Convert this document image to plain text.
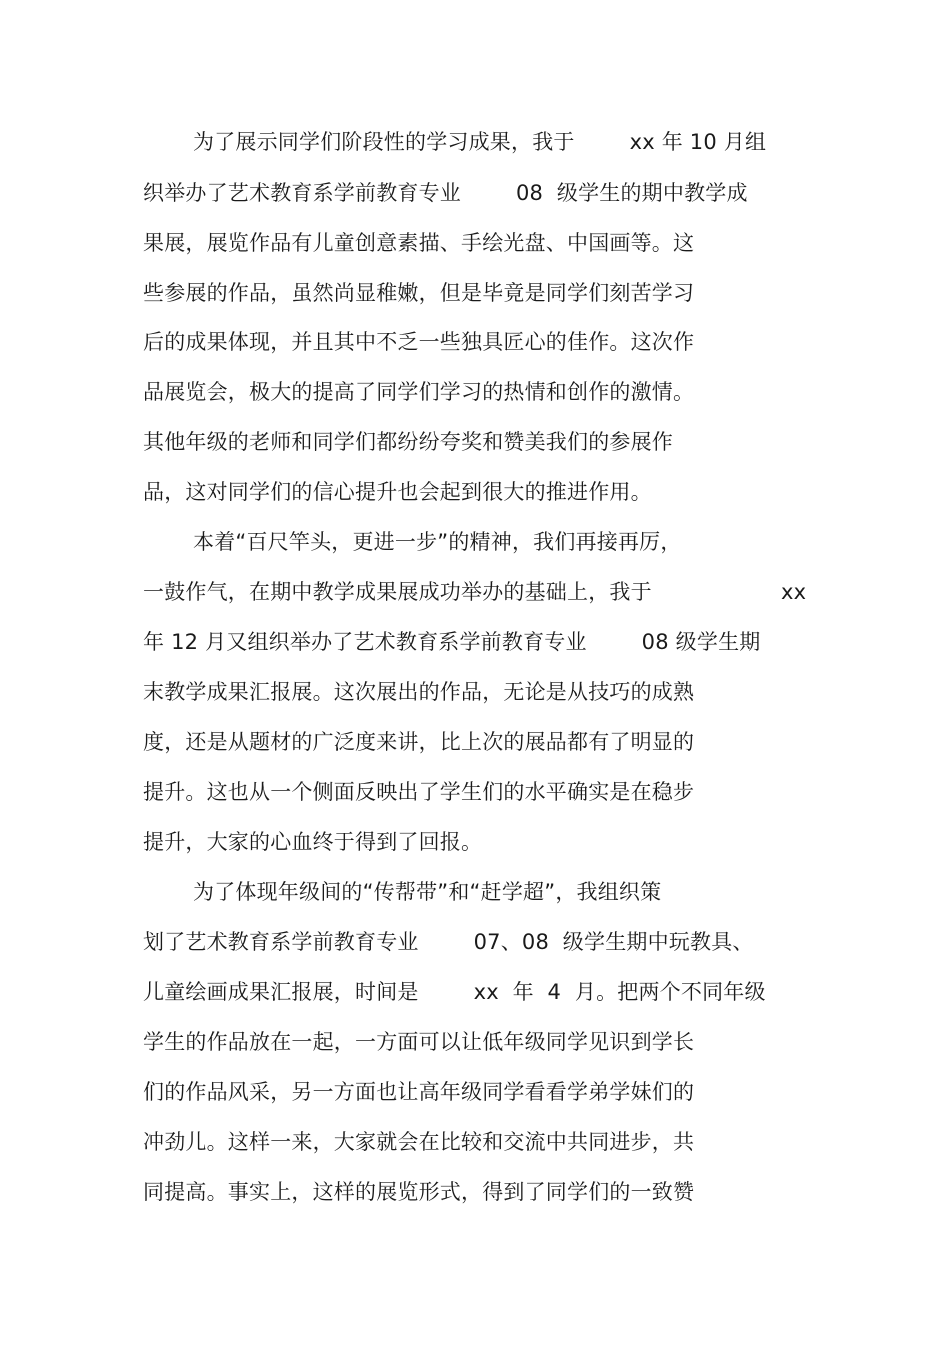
为了展示同学们阶段性的学习成果，我于        xx 年 10 月组
织举办了艺术教育系学前教育专业        08  级学生的期中教学成
果展，展览作品有儿童创意素描、手绘光盘、中国画等。这
些参展的作品，虽然尚显稚嫩，但是毕竟是同学们刻苦学习
后的成果体现，并且其中不乏一些独具匠心的佳作。这次作
品展览会，极大的提高了同学们学习的热情和创作的激情。
其他年级的老师和同学们都纷纷夸奖和赞美我们的参展作
品，这对同学们的信心提升也会起到很大的推进作用。
本着“百尺竿头，更进一步”的精神，我们再接再厉，
一鼓作气，在期中教学成果展成功举办的基础上，我于	xx
年 12 月又组织举办了艺术教育系学前教育专业        08 级学生期
末教学成果汇报展。这次展出的作品，无论是从技巧的成熟
度，还是从题材的广泛度来讲，比上次的展品都有了明显的
提升。这也从一个侧面反映出了学生们的水平确实是在稳步
提升，大家的心血终于得到了回报。
为了体现年级间的“传帮带”和“赶学超”，我组织策
划了艺术教育系学前教育专业        07、08  级学生期中玩教具、
儿童绘画成果汇报展，时间是        xx  年  4  月。把两个不同年级
学生的作品放在一起，一方面可以让低年级同学见识到学长
们的作品风采，另一方面也让高年级同学看看学弟学妹们的
冲劲儿。这样一来，大家就会在比较和交流中共同进步，共
同提高。事实上，这样的展览形式，得到了同学们的一致赞
